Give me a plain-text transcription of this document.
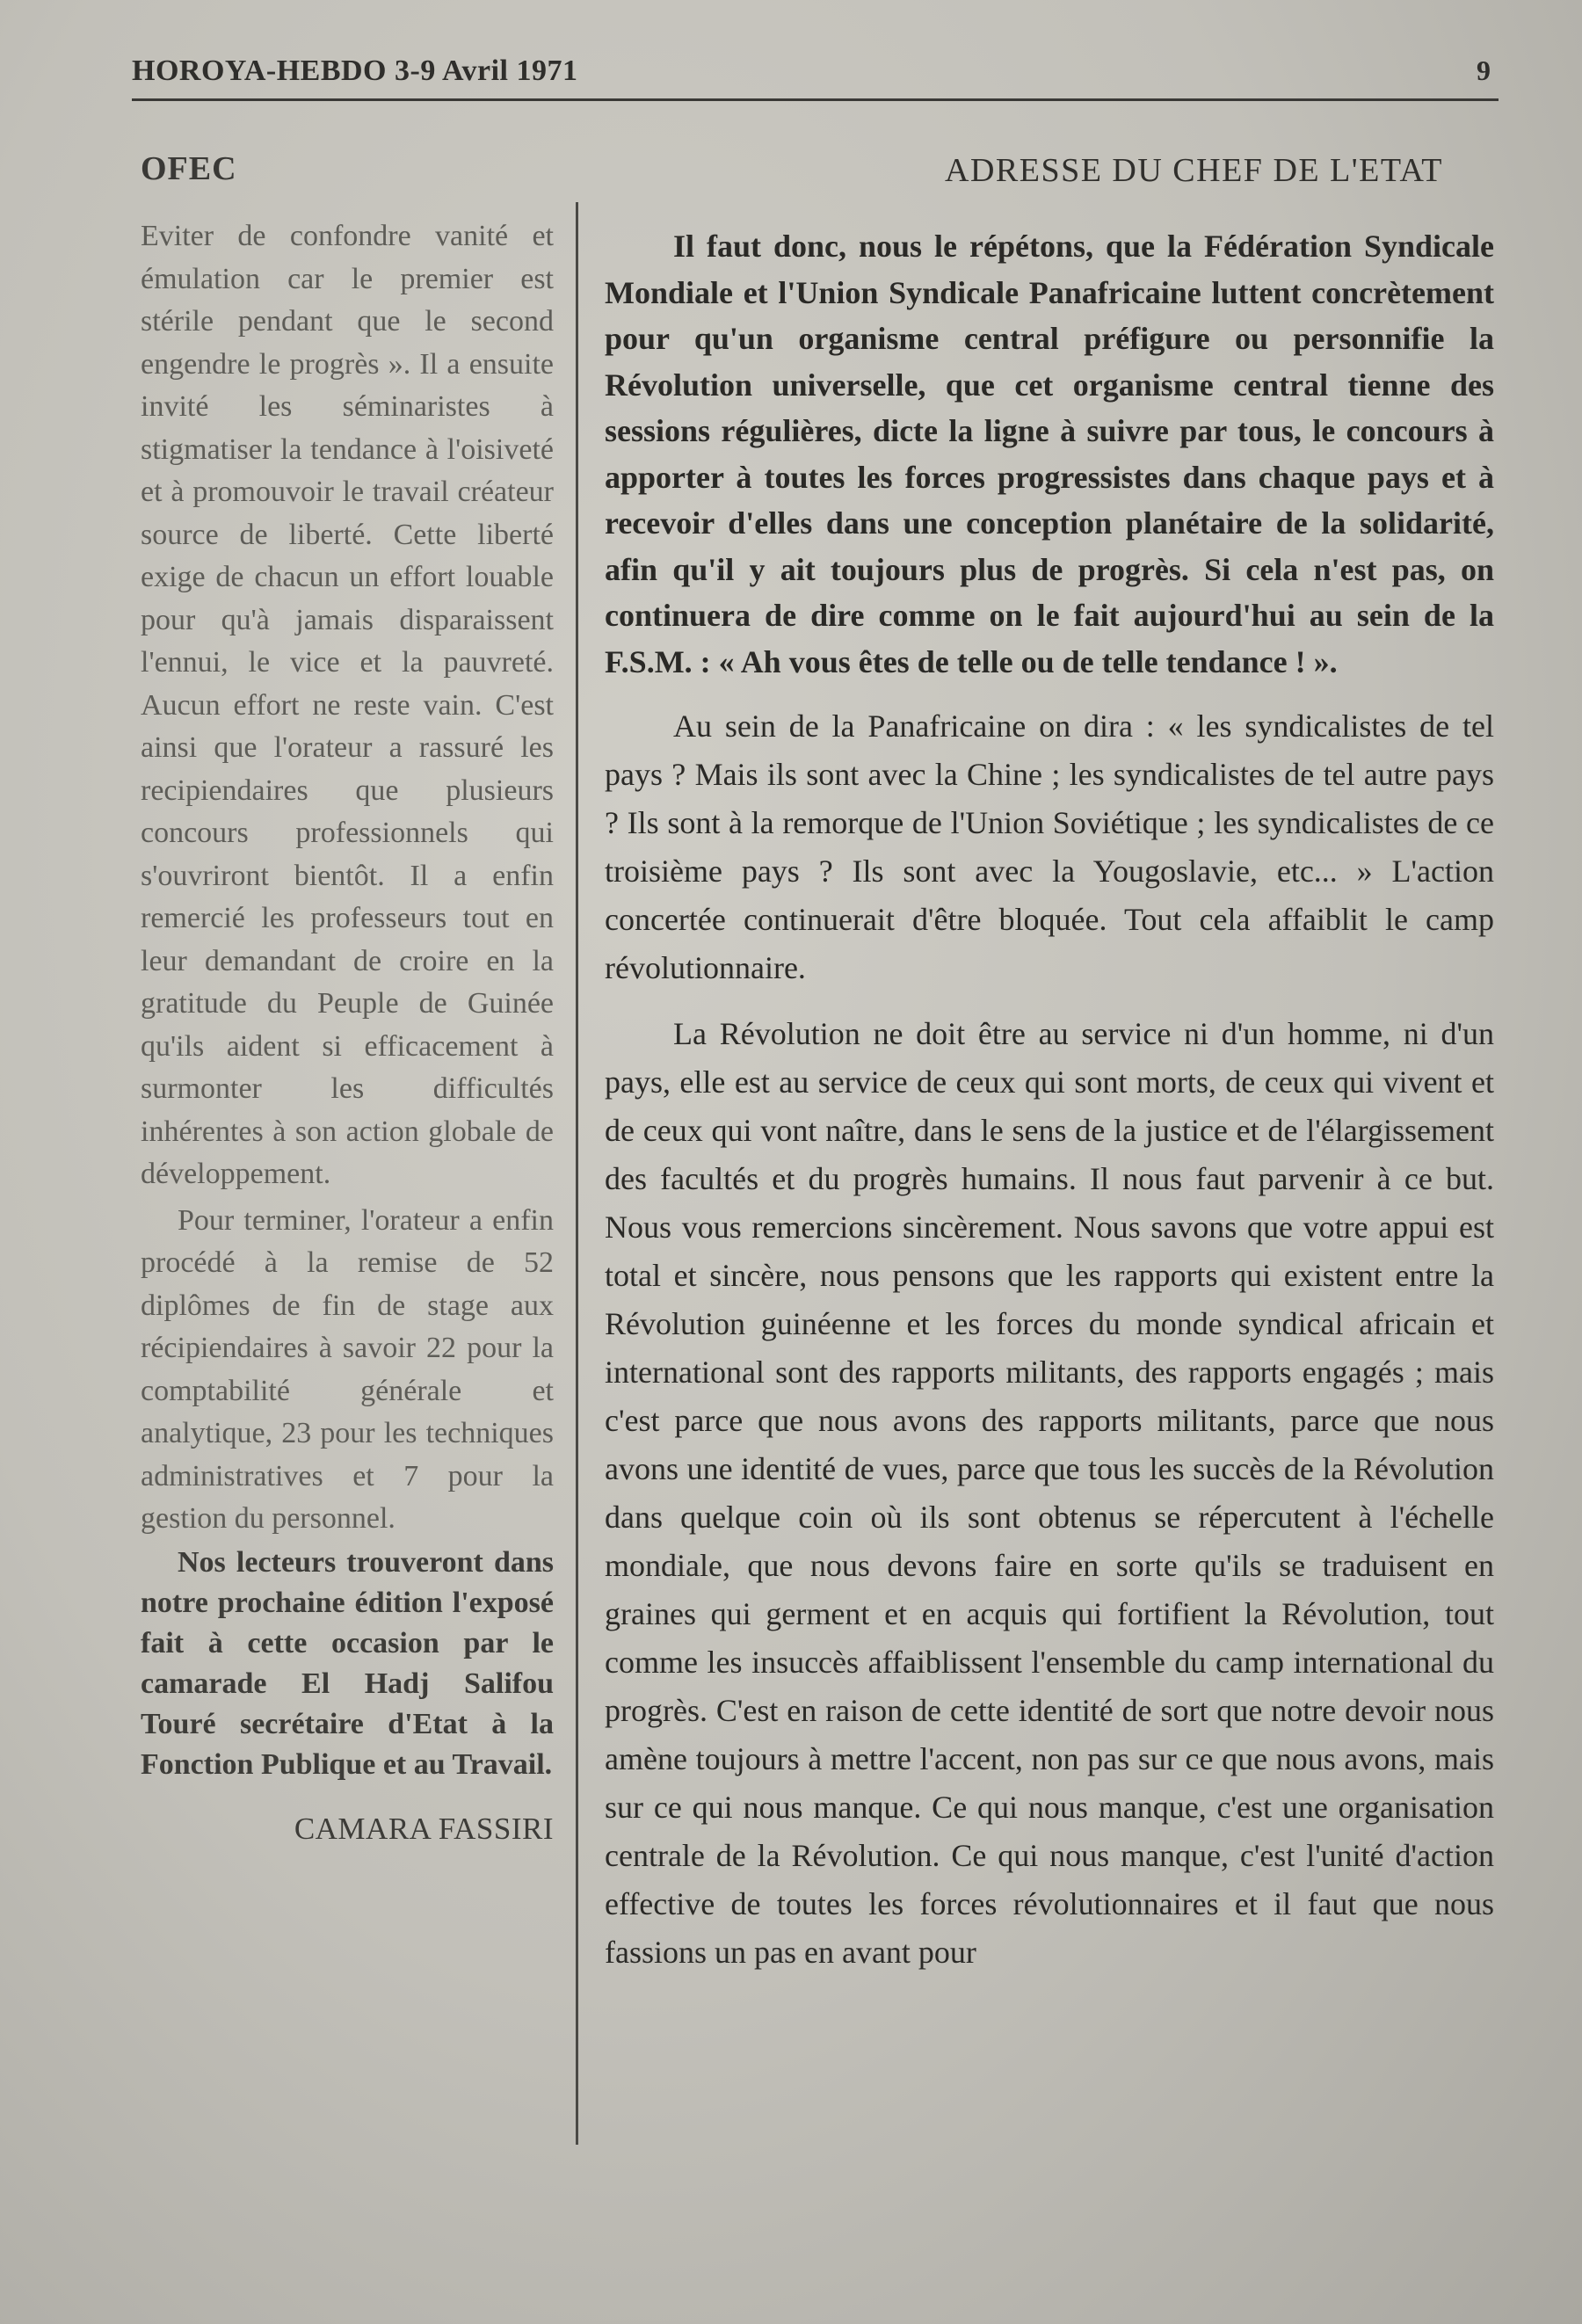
HOROYA-HEBDO 3-9 Avril 1971	9
OFEC	ADRESSE DU CHEF DE L'ETAT

Eviter de confondre vanité et émulation car le premier est stérile pendant que le second engendre le progrès ». Il a ensuite invité les séminaristes à stigmatiser la tendance à l'oisiveté et à promouvoir le travail créateur source de liberté. Cette liberté exige de chacun un effort louable pour qu'à jamais disparaissent l'ennui, le vice et la pauvreté. Aucun effort ne reste vain. C'est ainsi que l'orateur a rassuré les recipiendaires que plusieurs concours professionnels qui s'ouvriront bientôt. Il a enfin remercié les professeurs tout en leur demandant de croire en la gratitude du Peuple de Guinée qu'ils aident si efficacement à surmonter les difficultés inhérentes à son action globale de développement.

Pour terminer, l'orateur a enfin procédé à la remise de 52 diplômes de fin de stage aux récipiendaires à savoir 22 pour la comptabilité générale et analytique, 23 pour les techniques administratives et 7 pour la gestion du personnel.

Nos lecteurs trouveront dans notre prochaine édition l'exposé fait à cette occasion par le camarade El Hadj Salifou Touré secrétaire d'Etat à la Fonction Publique et au Travail.

CAMARA FASSIRI

Il faut donc, nous le répétons, que la Fédération Syndicale Mondiale et l'Union Syndicale Panafricaine luttent concrètement pour qu'un organisme central préfigure ou personnifie la Révolution universelle, que cet organisme central tienne des sessions régulières, dicte la ligne à suivre par tous, le concours à apporter à toutes les forces progressistes dans chaque pays et à recevoir d'elles dans une conception planétaire de la solidarité, afin qu'il y ait toujours plus de progrès. Si cela n'est pas, on continuera de dire comme on le fait aujourd'hui au sein de la F.S.M. : « Ah vous êtes de telle ou de telle tendance ! ».

Au sein de la Panafricaine on dira : « les syndicalistes de tel pays ? Mais ils sont avec la Chine ; les syndicalistes de tel autre pays ? Ils sont à la remorque de l'Union Soviétique ; les syndicalistes de ce troisième pays ? Ils sont avec la Yougoslavie, etc... » L'action concertée continuerait d'être bloquée. Tout cela affaiblit le camp révolutionnaire.

La Révolution ne doit être au service ni d'un homme, ni d'un pays, elle est au service de ceux qui sont morts, de ceux qui vivent et de ceux qui vont naître, dans le sens de la justice et de l'élargissement des facultés et du progrès humains. Il nous faut parvenir à ce but. Nous vous remercions sincèrement. Nous savons que votre appui est total et sincère, nous pensons que les rapports qui existent entre la Révolution guinéenne et les forces du monde syndical africain et international sont des rapports militants, des rapports engagés ; mais c'est parce que nous avons des rapports militants, parce que nous avons une identité de vues, parce que tous les succès de la Révolution dans quelque coin où ils sont obtenus se répercutent à l'échelle mondiale, que nous devons faire en sorte qu'ils se traduisent en graines qui germent et en acquis qui fortifient la Révolution, tout comme les insuccès affaiblissent l'ensemble du camp international du progrès. C'est en raison de cette identité de sort que notre devoir nous amène toujours à mettre l'accent, non pas sur ce que nous avons, mais sur ce qui nous manque. Ce qui nous manque, c'est une organisation centrale de la Révolution. Ce qui nous manque, c'est l'unité d'action effective de toutes les forces révolutionnaires et il faut que nous fassions un pas en avant pour
